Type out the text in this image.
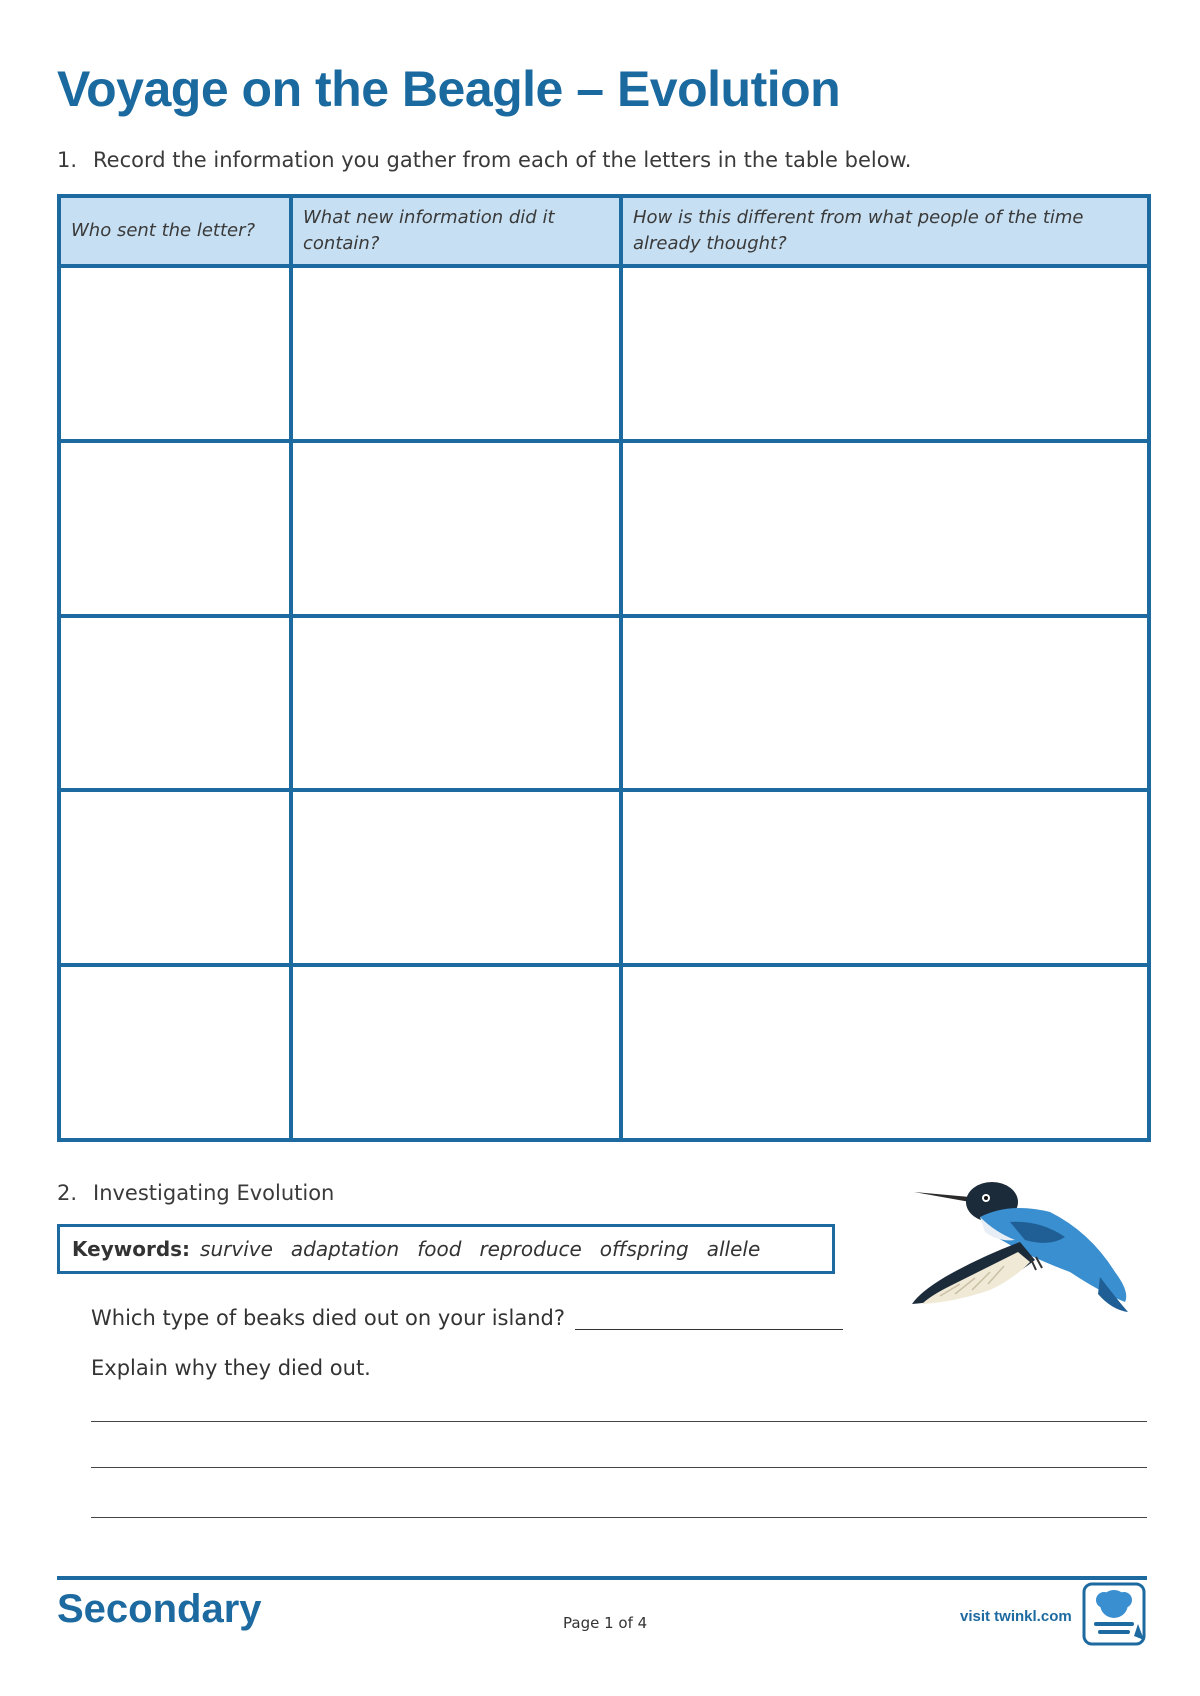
Voyage on the Beagle – Evolution
1. Record the information you gather from each of the letters in the table below.
Who sent the letter?	What new information did it contain?	How is this different from what people of the time already thought?

2. Investigating Evolution
Keywords: survive adaptation food reproduce offspring allele
Which type of beaks died out on your island?
Explain why they died out.
Secondary	Page 1 of 4	visit twinkl.com
